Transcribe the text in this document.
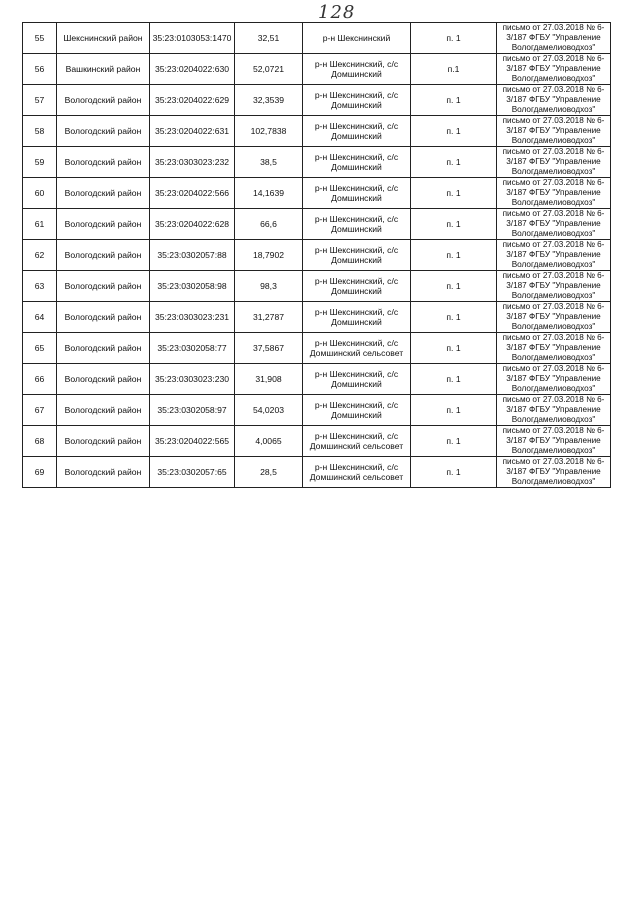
128
55	Шекснинский район	35:23:0103053:1470	32,51	р-н Шекснинский	п. 1	письмо от 27.03.2018 № 6-3/187 ФГБУ "Управление Вологдамелиоводхоз"
56	Вашкинский район	35:23:0204022:630	52,0721	р-н Шекснинский, с/с Домшинский	п.1	письмо от 27.03.2018 № 6-3/187 ФГБУ "Управление Вологдамелиоводхоз"
57	Вологодский район	35:23:0204022:629	32,3539	р-н Шекснинский, с/с Домшинский	п. 1	письмо от 27.03.2018 № 6-3/187 ФГБУ "Управление Вологдамелиоводхоз"
58	Вологодский район	35:23:0204022:631	102,7838	р-н Шекснинский, с/с Домшинский	п. 1	письмо от 27.03.2018 № 6-3/187 ФГБУ "Управление Вологдамелиоводхоз"
59	Вологодский район	35:23:0303023:232	38,5	р-н Шекснинский, с/с Домшинский	п. 1	письмо от 27.03.2018 № 6-3/187 ФГБУ "Управление Вологдамелиоводхоз"
60	Вологодский район	35:23:0204022:566	14,1639	р-н Шекснинский, с/с Домшинский	п. 1	письмо от 27.03.2018 № 6-3/187 ФГБУ "Управление Вологдамелиоводхоз"
61	Вологодский район	35:23:0204022:628	66,6	р-н Шекснинский, с/с Домшинский	п. 1	письмо от 27.03.2018 № 6-3/187 ФГБУ "Управление Вологдамелиоводхоз"
62	Вологодский район	35:23:0302057:88	18,7902	р-н Шекснинский, с/с Домшинский	п. 1	письмо от 27.03.2018 № 6-3/187 ФГБУ "Управление Вологдамелиоводхоз"
63	Вологодский район	35:23:0302058:98	98,3	р-н Шекснинский, с/с Домшинский	п. 1	письмо от 27.03.2018 № 6-3/187 ФГБУ "Управление Вологдамелиоводхоз"
64	Вологодский район	35:23:0303023:231	31,2787	р-н Шекснинский, с/с Домшинский	п. 1	письмо от 27.03.2018 № 6-3/187 ФГБУ "Управление Вологдамелиоводхоз"
65	Вологодский район	35:23:0302058:77	37,5867	р-н Шекснинский, с/с Домшинский сельсовет	п. 1	письмо от 27.03.2018 № 6-3/187 ФГБУ "Управление Вологдамелиоводхоз"
66	Вологодский район	35:23:0303023:230	31,908	р-н Шекснинский, с/с Домшинский	п. 1	письмо от 27.03.2018 № 6-3/187 ФГБУ "Управление Вологдамелиоводхоз"
67	Вологодский район	35:23:0302058:97	54,0203	р-н Шекснинский, с/с Домшинский	п. 1	письмо от 27.03.2018 № 6-3/187 ФГБУ "Управление Вологдамелиоводхоз"
68	Вологодский район	35:23:0204022:565	4,0065	р-н Шекснинский, с/с Домшинский сельсовет	п. 1	письмо от 27.03.2018 № 6-3/187 ФГБУ "Управление Вологдамелиоводхоз"
69	Вологодский район	35:23:0302057:65	28,5	р-н Шекснинский, с/с Домшинский сельсовет	п. 1	письмо от 27.03.2018 № 6-3/187 ФГБУ "Управление Вологдамелиоводхоз"
